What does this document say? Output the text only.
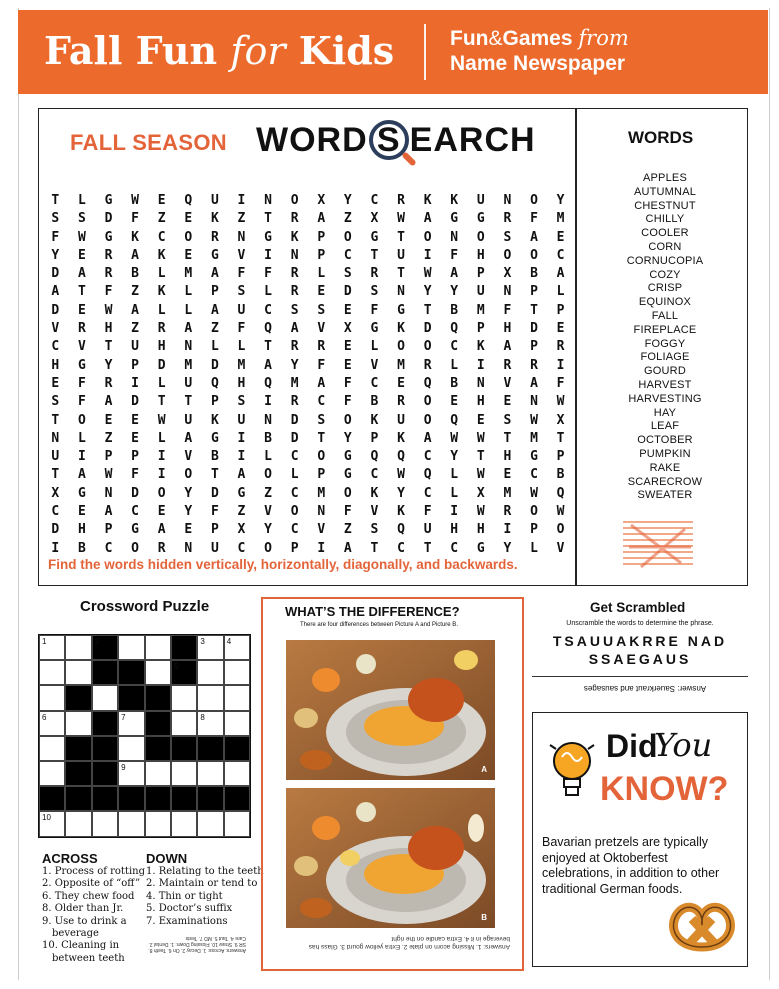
Fall Fun for Kids	Fun&Games from
Name Newspaper
FALL SEASON WORD S EARCH
T	L	G	W	E	Q	U	I	N	O	X	Y	C	R	K	K	U	N	O	Y
S	S	D	F	Z	E	K	Z	T	R	A	Z	X	W	A	G	G	R	F	M
F	W	G	K	C	O	R	N	G	K	P	O	G	T	O	N	O	S	A	E
Y	E	R	A	K	E	G	V	I	N	P	C	T	U	I	F	H	O	O	C
D	A	R	B	L	M	A	F	F	R	L	S	R	T	W	A	P	X	B	A
A	T	F	Z	K	L	P	S	L	R	E	D	S	N	Y	Y	U	N	P	L
D	E	W	A	L	L	A	U	C	S	S	E	F	G	T	B	M	F	T	P
V	R	H	Z	R	A	Z	F	Q	A	V	X	G	K	D	Q	P	H	D	E
C	V	T	U	H	N	L	L	T	R	R	E	L	O	O	C	K	A	P	R
H	G	Y	P	D	M	D	M	A	Y	F	E	V	M	R	L	I	R	R	I
E	F	R	I	L	U	Q	H	Q	M	A	F	C	E	Q	B	N	V	A	F
S	F	A	D	T	T	P	S	I	R	C	F	B	R	O	E	H	E	N	W
T	O	E	E	W	U	K	U	N	D	S	O	K	U	O	Q	E	S	W	X
N	L	Z	E	L	A	G	I	B	D	T	Y	P	K	A	W	W	T	M	T
U	I	P	P	I	V	B	I	L	C	O	G	Q	Q	C	Y	T	H	G	P
T	A	W	F	I	O	T	A	O	L	P	G	C	W	Q	L	W	E	C	B
X	G	N	D	O	Y	D	G	Z	C	M	O	K	Y	C	L	X	M	W	Q
C	E	A	C	E	Y	F	Z	V	O	N	F	V	K	F	I	W	R	O	W
D	H	P	G	A	E	P	X	Y	C	V	Z	S	Q	U	H	H	I	P	O
I	B	C	O	R	N	U	C	O	P	I	A	T	C	T	C	G	Y	L	V
Find the words hidden vertically, horizontally, diagonally, and backwards.
WORDS
APPLES
AUTUMNAL
CHESTNUT
CHILLY
COOLER
CORN
CORNUCOPIA
COZY
CRISP
EQUINOX
FALL
FIREPLACE
FOGGY
FOLIAGE
GOURD
HARVEST
HARVESTING
HAY
LEAF
OCTOBER
PUMPKIN
RAKE
SCARECROW
SWEATER
Crossword Puzzle
1	2	3	4
5
6	7	8
9
10
ACROSS
1. Process of rotting
2. Opposite of “off”
6. They chew food
8. Older than Jr.
9. Use to drink a
beverage
10. Cleaning in
between teeth
DOWN
1. Relating to the teeth
2. Maintain or tend to
4. Thin or tight
5. Doctor’s suffix
7. Examinations
Answers: Across: 1. Decay 2. On 6. Teeth 8. SR 9. Straw 10. Flossing Down: 1. Dental 2. Care 4. Taut 5. MD 7. Tests
WHAT’S THE DIFFERENCE?
There are four differences between Picture A and Picture B.
A
B
Answers: 1. Missing acorn on plate 2. Extra yellow gourd 3. Glass has beverage in it 4. Extra candle on the right
Get Scrambled
Unscramble the words to determine the phrase.
TSAUUAKRRE NAD
SSAEGAUS
Answer: Sauerkraut and sausages
Did
You
KNOW?
Bavarian pretzels are typically enjoyed at Oktoberfest celebrations, in addition to other traditional German foods.
